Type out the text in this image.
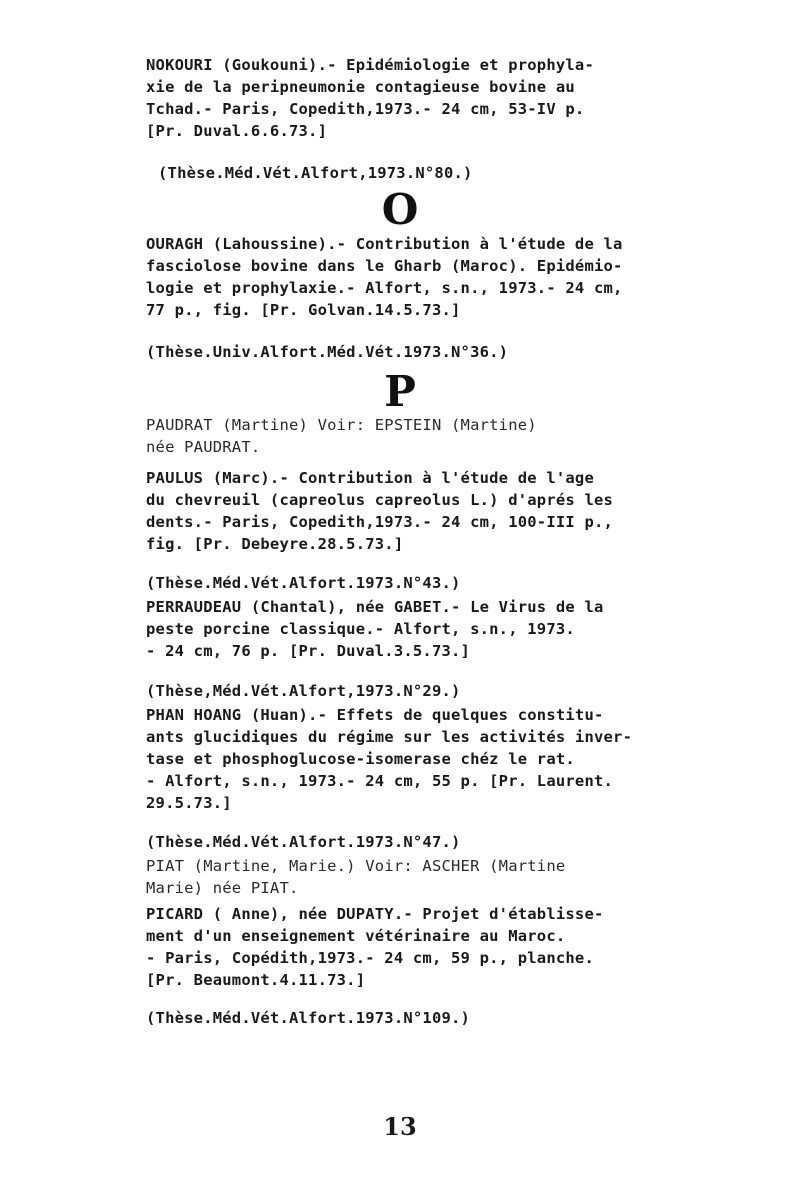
NOKOURI (Goukouni).- Epidémiologie et prophyla-
xie de la peripneumonie contagieuse bovine au
Tchad.- Paris, Copedith,1973.- 24 cm, 53-IV p.
[Pr. Duval.6.6.73.]
(Thèse.Méd.Vét.Alfort,1973.N°80.)
O
OURAGH (Lahoussine).- Contribution à l'étude de la
fasciolose bovine dans le Gharb (Maroc). Epidémio-
logie et prophylaxie.- Alfort, s.n., 1973.- 24 cm,
77 p., fig. [Pr. Golvan.14.5.73.]
(Thèse.Univ.Alfort.Méd.Vét.1973.N°36.)
P
PAUDRAT (Martine) Voir: EPSTEIN (Martine)
née PAUDRAT.
PAULUS (Marc).- Contribution à l'étude de l'age
du chevreuil (capreolus capreolus L.) d'aprés les
dents.- Paris, Copedith,1973.- 24 cm, 100-III p.,
fig. [Pr. Debeyre.28.5.73.]
(Thèse.Méd.Vét.Alfort.1973.N°43.)
PERRAUDEAU (Chantal), née GABET.- Le Virus de la
peste porcine classique.- Alfort, s.n., 1973.
- 24 cm, 76 p. [Pr. Duval.3.5.73.]
(Thèse,Méd.Vét.Alfort,1973.N°29.)
PHAN HOANG (Huan).- Effets de quelques constitu-
ants glucidiques du régime sur les activités inver-
tase et phosphoglucose-isomerase chéz le rat.
- Alfort, s.n., 1973.- 24 cm, 55 p. [Pr. Laurent.
29.5.73.]
(Thèse.Méd.Vét.Alfort.1973.N°47.)
PIAT (Martine, Marie.) Voir: ASCHER (Martine
Marie) née PIAT.
PICARD ( Anne), née DUPATY.- Projet d'établisse-
ment d'un enseignement vétérinaire au Maroc.
- Paris, Copédith,1973.- 24 cm, 59 p., planche.
[Pr. Beaumont.4.11.73.]
(Thèse.Méd.Vét.Alfort.1973.N°109.)
13
